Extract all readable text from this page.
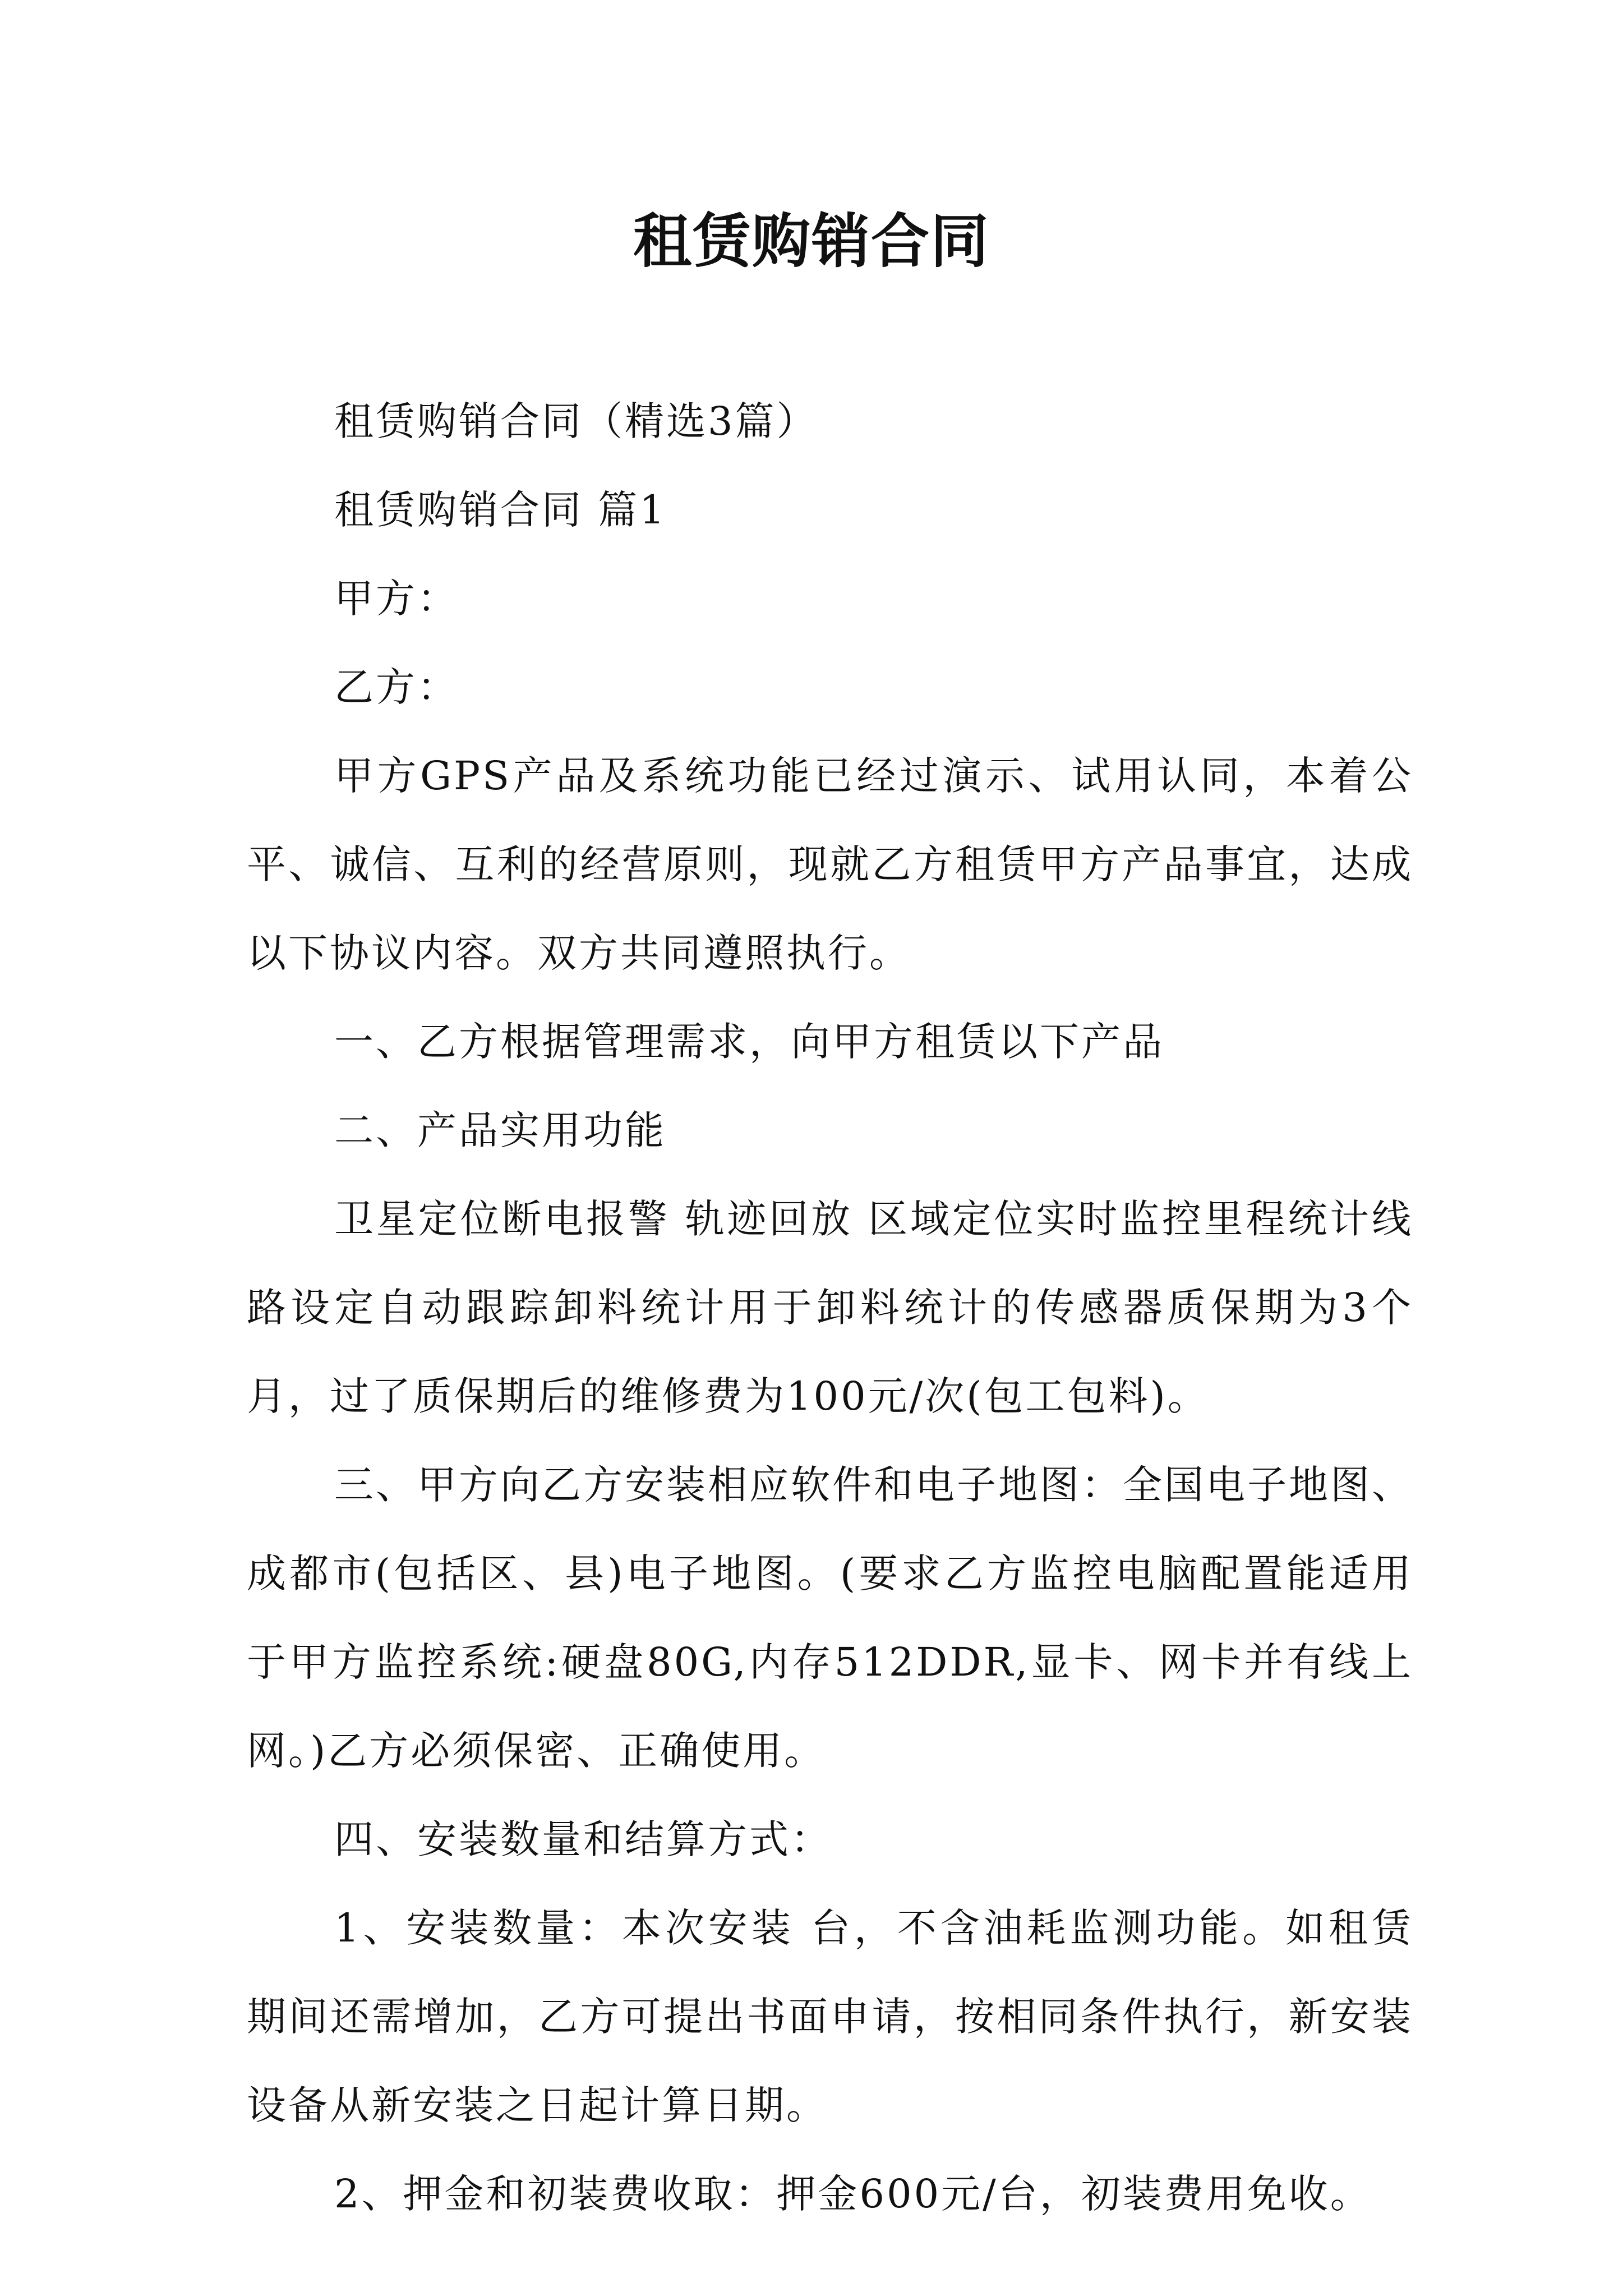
租赁购销合同

租赁购销合同（精选3篇）

租赁购销合同 篇1

甲方：

乙方：

甲方GPS产品及系统功能已经过演示、试用认同，本着公平、诚信、互利的经营原则，现就乙方租赁甲方产品事宜，达成以下协议内容。双方共同遵照执行。

一、乙方根据管理需求，向甲方租赁以下产品

二、产品实用功能

卫星定位断电报警 轨迹回放 区域定位实时监控里程统计线路设定自动跟踪卸料统计用于卸料统计的传感器质保期为3个月，过了质保期后的维修费为100元/次(包工包料)。

三、甲方向乙方安装相应软件和电子地图：全国电子地图、成都市(包括区、县)电子地图。(要求乙方监控电脑配置能适用于甲方监控系统:硬盘80G,内存512DDR,显卡、网卡并有线上网。)乙方必须保密、正确使用。

四、安装数量和结算方式：

1、安装数量：本次安装 台，不含油耗监测功能。如租赁期间还需增加，乙方可提出书面申请，按相同条件执行，新安装设备从新安装之日起计算日期。

2、押金和初装费收取：押金600元/台，初装费用免收。
